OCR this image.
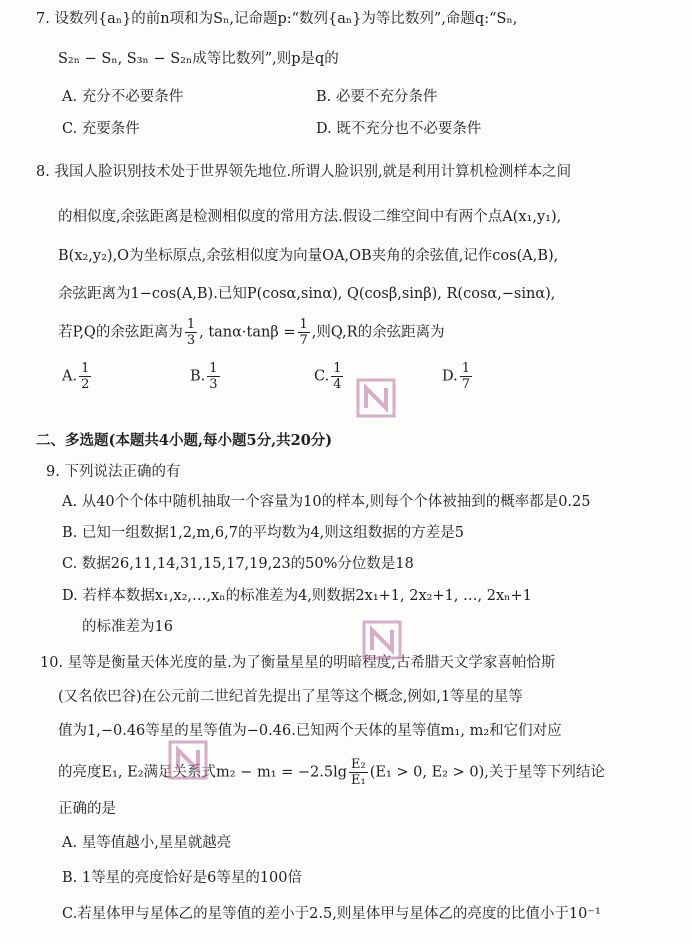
7. 设数列{aₙ}的前n项和为Sₙ,记命题p:“数列{aₙ}为等比数列”,命题q:“Sₙ,
S₂ₙ − Sₙ, S₃ₙ − S₂ₙ成等比数列”,则p是q的
A. 充分不必要条件	B. 必要不充分条件
C. 充要条件	D. 既不充分也不必要条件
8. 我国人脸识别技术处于世界领先地位.所谓人脸识别,就是利用计算机检测样本之间
的相似度,余弦距离是检测相似度的常用方法.假设二维空间中有两个点A(x₁,y₁),
B(x₂,y₂),O为坐标原点,余弦相似度为向量OA,OB夹角的余弦值,记作cos(A,B),
余弦距离为1−cos(A,B).已知P(cosα,sinα), Q(cosβ,sinβ), R(cosα,−sinα),
若P,Q的余弦距离为 $\frac{1}{3}$ , $\tan\alpha\cdot\tan\beta = \frac{1}{7}$ ,则Q,R的余弦距离为
A. $\frac{1}{2}$	B. $\frac{1}{3}$	C. $\frac{1}{4}$	D. $\frac{1}{7}$
二、多选题(本题共4小题,每小题5分,共20分)
9. 下列说法正确的有
A. 从40个个体中随机抽取一个容量为10的样本,则每个个体被抽到的概率都是0.25
B. 已知一组数据1,2,m,6,7的平均数为4,则这组数据的方差是5
C. 数据26,11,14,31,15,17,19,23的50%分位数是18
D. 若样本数据x₁,x₂,…,xₙ的标准差为4,则数据2x₁+1, 2x₂+1, …, 2xₙ+1
的标准差为16
10. 星等是衡量天体光度的量.为了衡量星星的明暗程度,古希腊天文学家喜帕恰斯
(又名依巴谷)在公元前二世纪首先提出了星等这个概念,例如,1等星的星等
值为1,−0.46等星的星等值为−0.46.已知两个天体的星等值m₁, m₂和它们对应
的亮度E₁, E₂满足关系式$m_2 - m_1 = -2.5\lg \frac{\text{E₂}}{\text{E₁}} (E_1 > 0$, E₂ > 0),关于星等下列结论
正确的是
A. 星等值越小,星星就越亮
B. 1等星的亮度恰好是6等星的100倍
C.若星体甲与星体乙的星等值的差小于2.5,则星体甲与星体乙的亮度的比值小于10⁻¹
